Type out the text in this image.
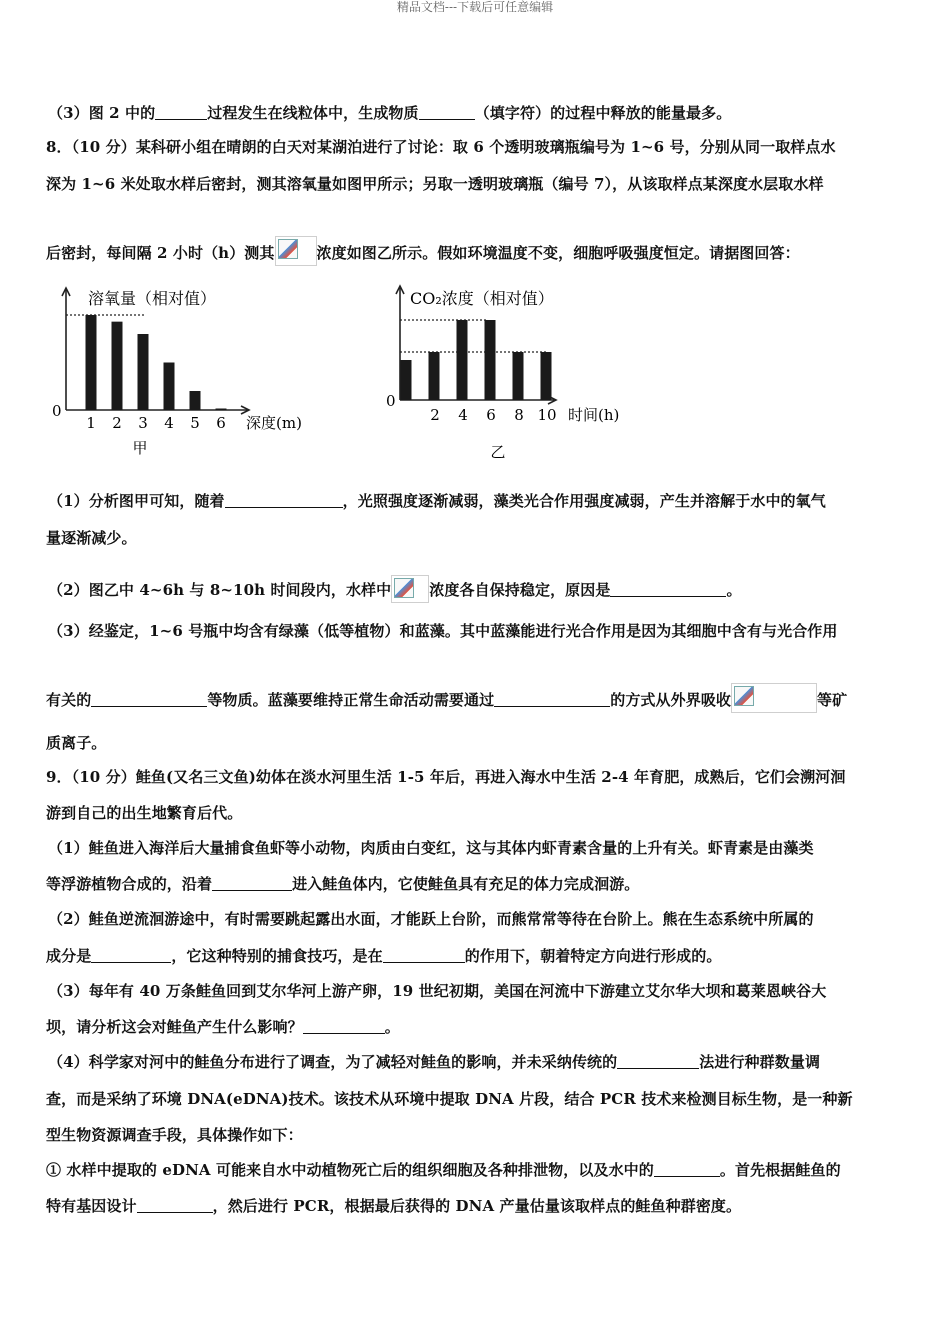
精品文档---下载后可任意编辑
（3）图 2 中的	过程发生在线粒体中，生成物质	（填字符）的过程中释放的能量最多。
8．（10 分）某科研小组在晴朗的白天对某湖泊进行了讨论：取 6 个透明玻璃瓶编号为 1~6 号，分别从同一取样点水
深为 1~6 米处取水样后密封，测其溶氧量如图甲所示；另取一透明玻璃瓶（编号 7），从该取样点某深度水层取水样
后密封，每间隔 2 小时（h）测其	浓度如图乙所示。假如环境温度不变，细胞呼吸强度恒定。请据图回答：
溶氧量（相对值）
1 2 3 4 5 6
0
深度(m)
甲
CO₂浓度（相对值）
2 4 6 8 10
0
时间(h)
乙
（1）分析图甲可知，随着	，光照强度逐渐减弱，藻类光合作用强度减弱，产生并溶解于水中的氧气
量逐渐减少。
（2）图乙中 4~6h 与 8~10h 时间段内，水样中	浓度各自保持稳定，原因是	。
（3）经鉴定，1~6 号瓶中均含有绿藻（低等植物）和蓝藻。其中蓝藻能进行光合作用是因为其细胞中含有与光合作用
有关的	等物质。蓝藻要维持正常生命活动需要通过	的方式从外界吸收	等矿
质离子。
9．（10 分）鲑鱼(又名三文鱼)幼体在淡水河里生活 1-5 年后，再进入海水中生活 2-4 年育肥，成熟后，它们会溯河洄
游到自己的出生地繁育后代。
（1）鲑鱼进入海洋后大量捕食鱼虾等小动物，肉质由白变红，这与其体内虾青素含量的上升有关。虾青素是由藻类
等浮游植物合成的，沿着	进入鲑鱼体内，它使鲑鱼具有充足的体力完成洄游。
（2）鲑鱼逆流洄游途中，有时需要跳起露出水面，才能跃上台阶，而熊常常等待在台阶上。熊在生态系统中所属的
成分是	，它这种特别的捕食技巧，是在	的作用下，朝着特定方向进行形成的。
（3）每年有 40 万条鲑鱼回到艾尔华河上游产卵，19 世纪初期，美国在河流中下游建立艾尔华大坝和葛莱恩峡谷大
坝，请分析这会对鲑鱼产生什么影响？	。
（4）科学家对河中的鲑鱼分布进行了调查，为了减轻对鲑鱼的影响，并未采纳传统的	法进行种群数量调
查，而是采纳了环境 DNA(eDNA)技术。该技术从环境中提取 DNA 片段，结合 PCR 技术来检测目标生物，是一种新
型生物资源调查手段，具体操作如下：
① 水样中提取的 eDNA 可能来自水中动植物死亡后的组织细胞及各种排泄物，以及水中的	。首先根据鲑鱼的
特有基因设计	，然后进行 PCR，根据最后获得的 DNA 产量估量该取样点的鲑鱼种群密度。
